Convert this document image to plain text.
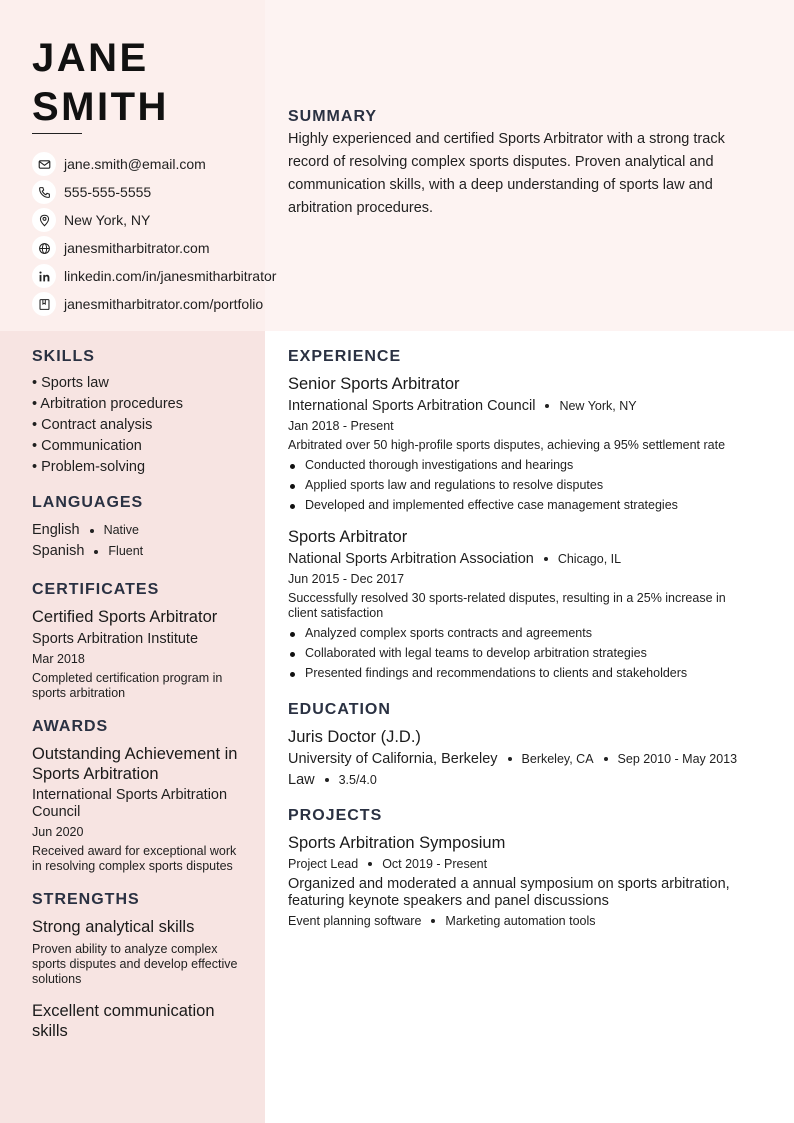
JANE
SMITH
jane.smith@email.com
555-555-5555
New York, NY
janesmitharbitrator.com
linkedin.com/in/janesmitharbitrator
janesmitharbitrator.com/portfolio
SUMMARY

Highly experienced and certified Sports Arbitrator with a strong track record of resolving complex sports disputes. Proven analytical and communication skills, with a deep understanding of sports law and arbitration procedures.

SKILLS
• Sports law
• Arbitration procedures
• Contract analysis
• Communication
• Problem-solving
LANGUAGES
English Native
Spanish Fluent
CERTIFICATES
Certified Sports Arbitrator
Sports Arbitration Institute
Mar 2018
Completed certification program in sports arbitration
AWARDS
Outstanding Achievement in Sports Arbitration
International Sports Arbitration Council
Jun 2020
Received award for exceptional work in resolving complex sports disputes
STRENGTHS
Strong analytical skills
Proven ability to analyze complex sports disputes and develop effective solutions
Excellent communication skills
EXPERIENCE
Senior Sports Arbitrator
International Sports Arbitration Council New York, NY
Jan 2018 - Present
Arbitrated over 50 high-profile sports disputes, achieving a 95% settlement rate
Conducted thorough investigations and hearings
Applied sports law and regulations to resolve disputes
Developed and implemented effective case management strategies
Sports Arbitrator
National Sports Arbitration Association Chicago, IL
Jun 2015 - Dec 2017
Successfully resolved 30 sports-related disputes, resulting in a 25% increase in client satisfaction
Analyzed complex sports contracts and agreements
Collaborated with legal teams to develop arbitration strategies
Presented findings and recommendations to clients and stakeholders
EDUCATION
Juris Doctor (J.D.)
University of California, Berkeley Berkeley, CA Sep 2010 - May 2013
Law 3.5/4.0
PROJECTS
Sports Arbitration Symposium
Project Lead Oct 2019 - Present
Organized and moderated a annual symposium on sports arbitration, featuring keynote speakers and panel discussions
Event planning software Marketing automation tools
